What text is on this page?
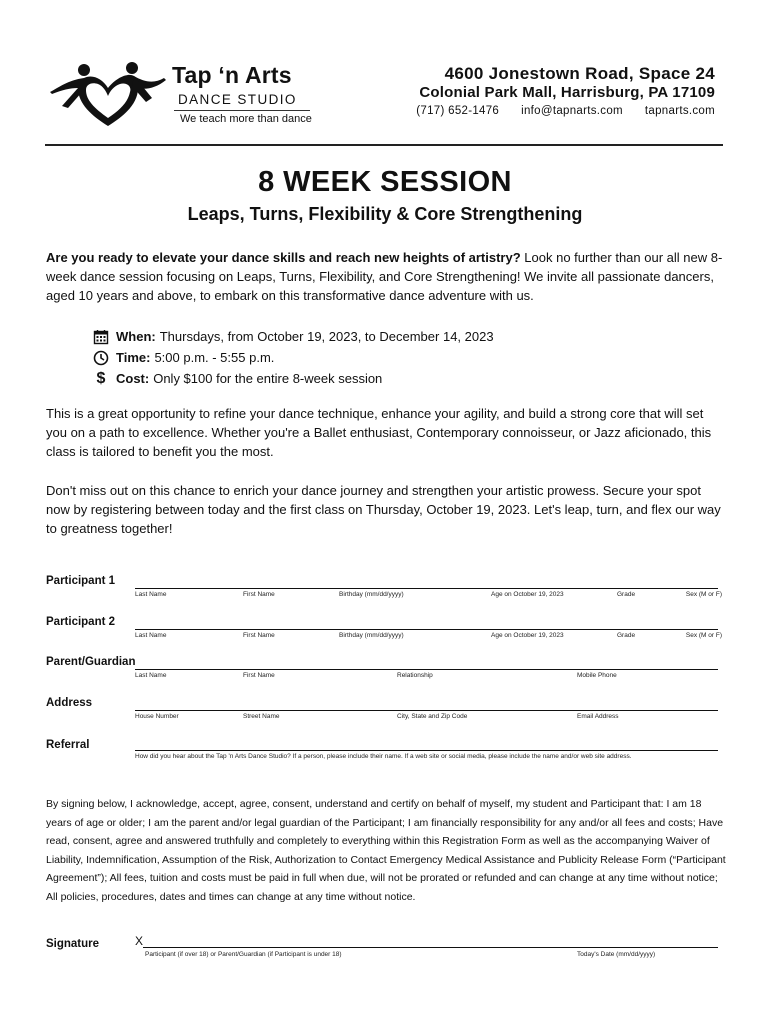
Tap ‘n Arts
DANCE STUDIO
We teach more than dance
4600 Jonestown Road, Space 24
Colonial Park Mall, Harrisburg, PA 17109
(717) 652-1476 info@tapnarts.com tapnarts.com
8 WEEK SESSION
Leaps, Turns, Flexibility & Core Strengthening
Are you ready to elevate your dance skills and reach new heights of artistry? Look no further than our all new 8-week dance session focusing on Leaps, Turns, Flexibility, and Core Strengthening! We invite all passionate dancers, aged 10 years and above, to embark on this transformative dance adventure with us.
When: Thursdays, from October 19, 2023, to December 14, 2023
Time: 5:00 p.m. - 5:55 p.m.
$ Cost: Only $100 for the entire 8-week session
This is a great opportunity to refine your dance technique, enhance your agility, and build a strong core that will set you on a path to excellence. Whether you're a Ballet enthusiast, Contemporary connoisseur, or Jazz aficionado, this class is tailored to benefit you the most.
Don't miss out on this chance to enrich your dance journey and strengthen your artistic prowess. Secure your spot now by registering between today and the first class on Thursday, October 19, 2023. Let's leap, turn, and flex our way to greatness together!
Participant 1
Last Name	First Name	Birthday (mm/dd/yyyy)	Age on October 19, 2023	Grade	Sex (M or F)
Participant 2
Last Name	First Name	Birthday (mm/dd/yyyy)	Age on October 19, 2023	Grade	Sex (M or F)
Parent/Guardian
Last Name	First Name	Relationship	Mobile Phone
Address
House Number	Street Name	City, State and Zip Code	Email Address
Referral
How did you hear about the Tap 'n Arts Dance Studio? If a person, please include their name. If a web site or social media, please include the name and/or web site address.
By signing below, I acknowledge, accept, agree, consent, understand and certify on behalf of myself, my student and Participant that: I am 18 years of age or older; I am the parent and/or legal guardian of the Participant; I am financially responsibility for any and/or all fees and costs; Have read, consent, agree and answered truthfully and completely to everything within this Registration Form as well as the accompanying Waiver of Liability, Indemnification, Assumption of the Risk, Authorization to Contact Emergency Medical Assistance and Publicity Release Form (“Participant Agreement”); All fees, tuition and costs must be paid in full when due, will not be prorated or refunded and can change at any time without notice; All policies, procedures, dates and times can change at any time without notice.
Signature	X
Participant (if over 18) or Parent/Guardian (if Participant is under 18)	Today's Date (mm/dd/yyyy)
